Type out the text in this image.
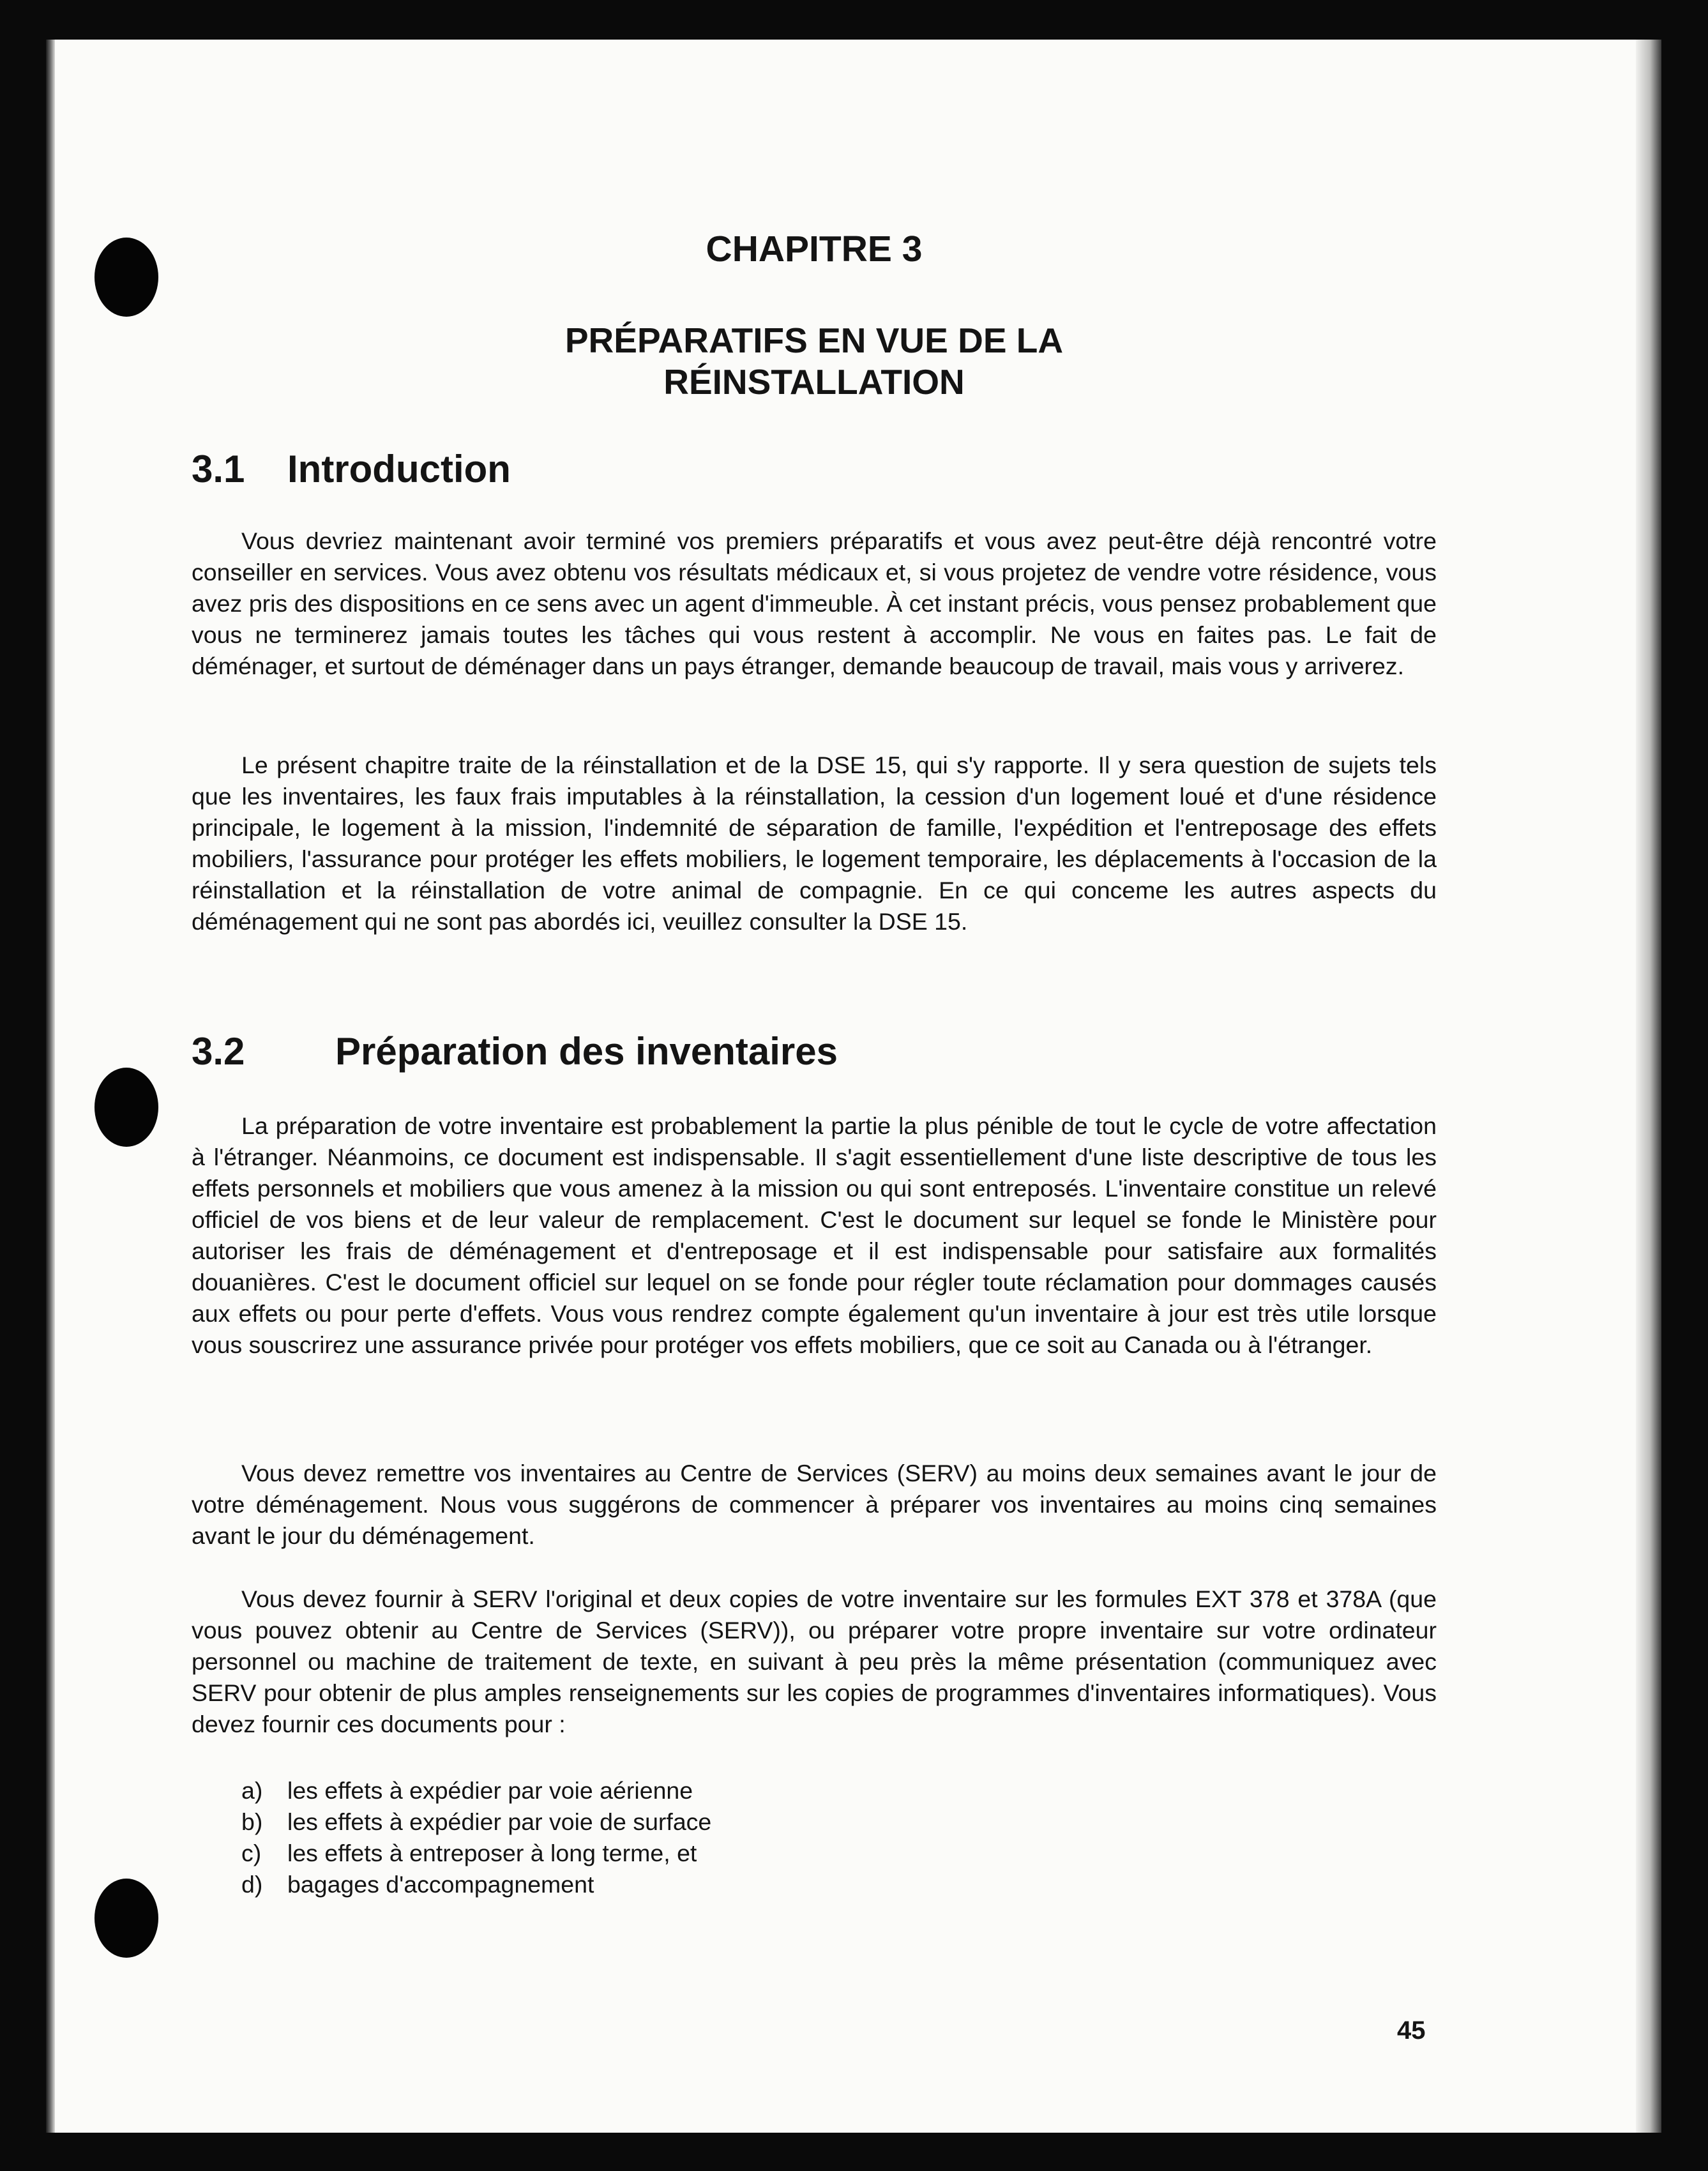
CHAPITRE 3
PRÉPARATIFS EN VUE DE LA
RÉINSTALLATION
3.1 Introduction

Vous devriez maintenant avoir terminé vos premiers préparatifs et vous avez peut-être déjà rencontré votre conseiller en services. Vous avez obtenu vos résultats médicaux et, si vous projetez de vendre votre résidence, vous avez pris des dispositions en ce sens avec un agent d'immeuble. À cet instant précis, vous pensez probablement que vous ne terminerez jamais toutes les tâches qui vous restent à accomplir. Ne vous en faites pas. Le fait de déménager, et surtout de déménager dans un pays étranger, demande beaucoup de travail, mais vous y arriverez.

Le présent chapitre traite de la réinstallation et de la DSE 15, qui s'y rapporte. Il y sera question de sujets tels que les inventaires, les faux frais imputables à la réinstallation, la cession d'un logement loué et d'une résidence principale, le logement à la mission, l'indemnité de séparation de famille, l'expédition et l'entreposage des effets mobiliers, l'assurance pour protéger les effets mobiliers, le logement temporaire, les déplacements à l'occasion de la réinstallation et la réinstallation de votre animal de compagnie. En ce qui conceme les autres aspects du déménagement qui ne sont pas abordés ici, veuillez consulter la DSE 15.

3.2 Préparation des inventaires

La préparation de votre inventaire est probablement la partie la plus pénible de tout le cycle de votre affectation à l'étranger. Néanmoins, ce document est indispensable. Il s'agit essentiellement d'une liste descriptive de tous les effets personnels et mobiliers que vous amenez à la mission ou qui sont entreposés. L'inventaire constitue un relevé officiel de vos biens et de leur valeur de remplacement. C'est le document sur lequel se fonde le Ministère pour autoriser les frais de déménagement et d'entreposage et il est indispensable pour satisfaire aux formalités douanières. C'est le document officiel sur lequel on se fonde pour régler toute réclamation pour dommages causés aux effets ou pour perte d'effets. Vous vous rendrez compte également qu'un inventaire à jour est très utile lorsque vous souscrirez une assurance privée pour protéger vos effets mobiliers, que ce soit au Canada ou à l'étranger.

Vous devez remettre vos inventaires au Centre de Services (SERV) au moins deux semaines avant le jour de votre déménagement. Nous vous suggérons de commencer à préparer vos inventaires au moins cinq semaines avant le jour du déménagement.

Vous devez fournir à SERV l'original et deux copies de votre inventaire sur les formules EXT 378 et 378A (que vous pouvez obtenir au Centre de Services (SERV)), ou préparer votre propre inventaire sur votre ordinateur personnel ou machine de traitement de texte, en suivant à peu près la même présentation (communiquez avec SERV pour obtenir de plus amples renseignements sur les copies de programmes d'inventaires informatiques). Vous devez fournir ces documents pour :

a) les effets à expédier par voie aérienne
b) les effets à expédier par voie de surface
c) les effets à entreposer à long terme, et
d) bagages d'accompagnement
45
